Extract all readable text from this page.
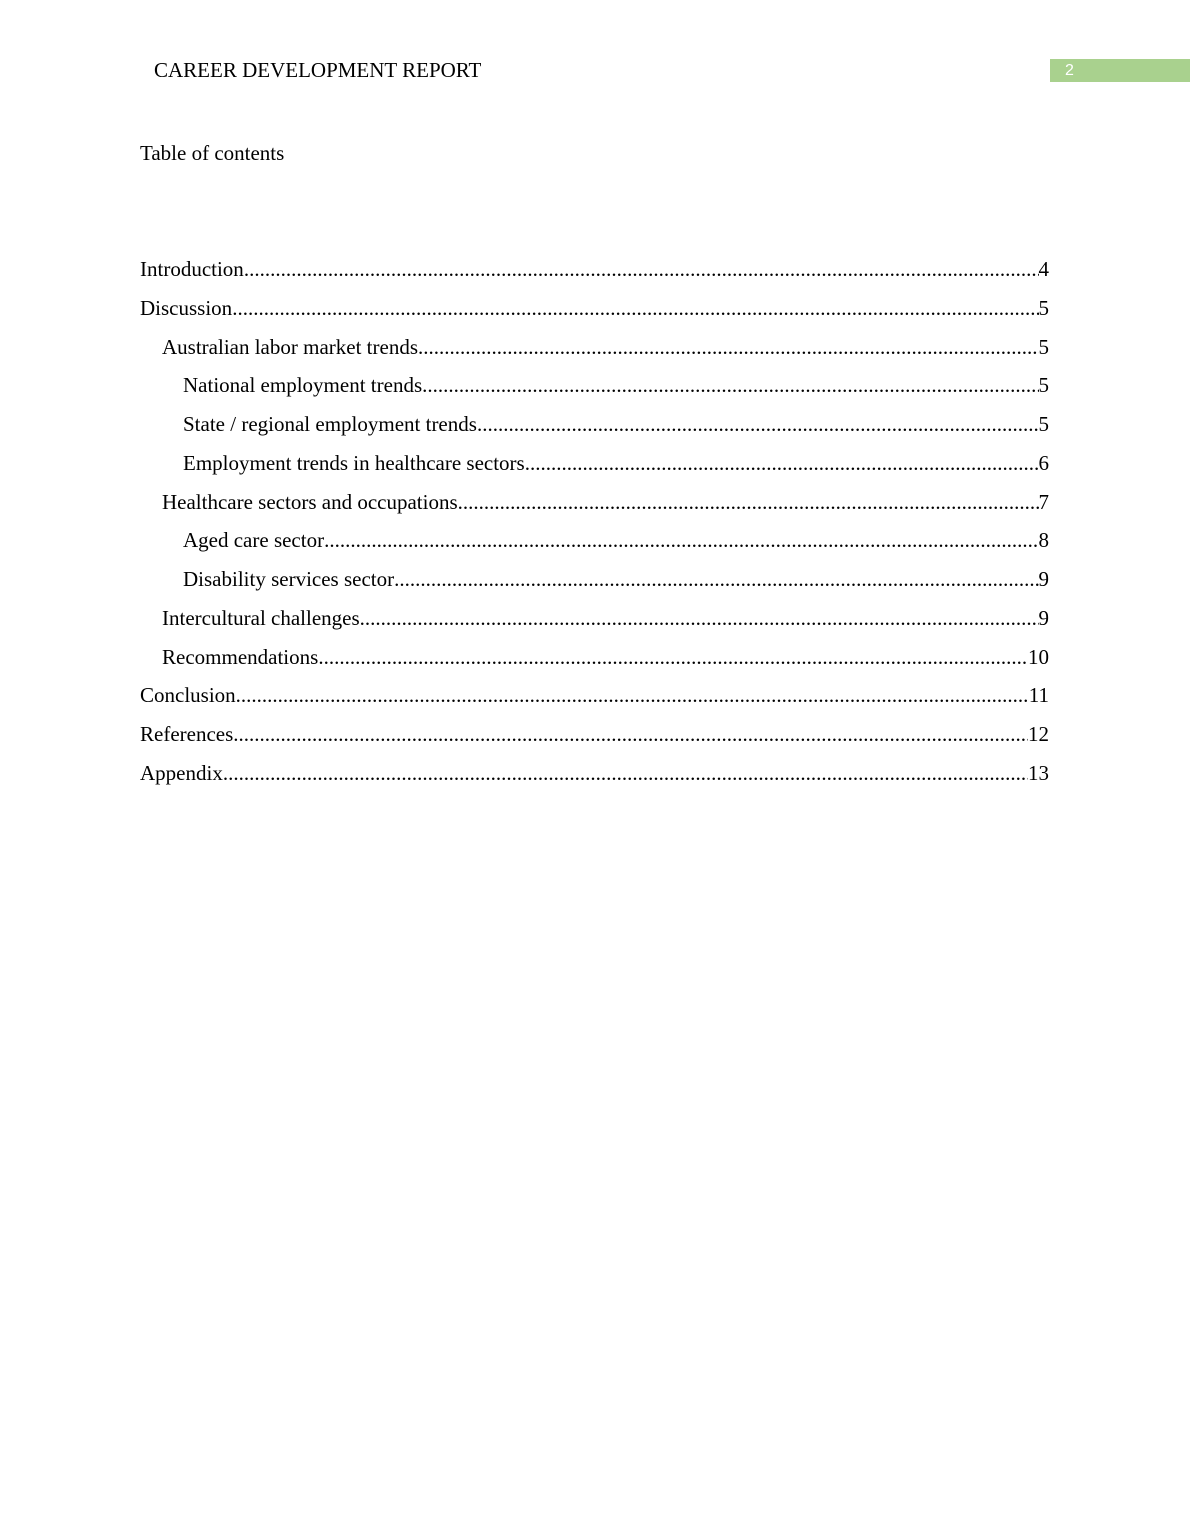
CAREER DEVELOPMENT REPORT	2
Table of contents
Introduction .....	4
Discussion .....	5
Australian labor market trends .....	5
National employment trends .....	5
State / regional employment trends .....	5
Employment trends in healthcare sectors .....	6
Healthcare sectors and occupations .....	7
Aged care sector .....	8
Disability services sector .....	9
Intercultural challenges .....	9
Recommendations .....	10
Conclusion .....	11
References .....	12
Appendix .....	13
